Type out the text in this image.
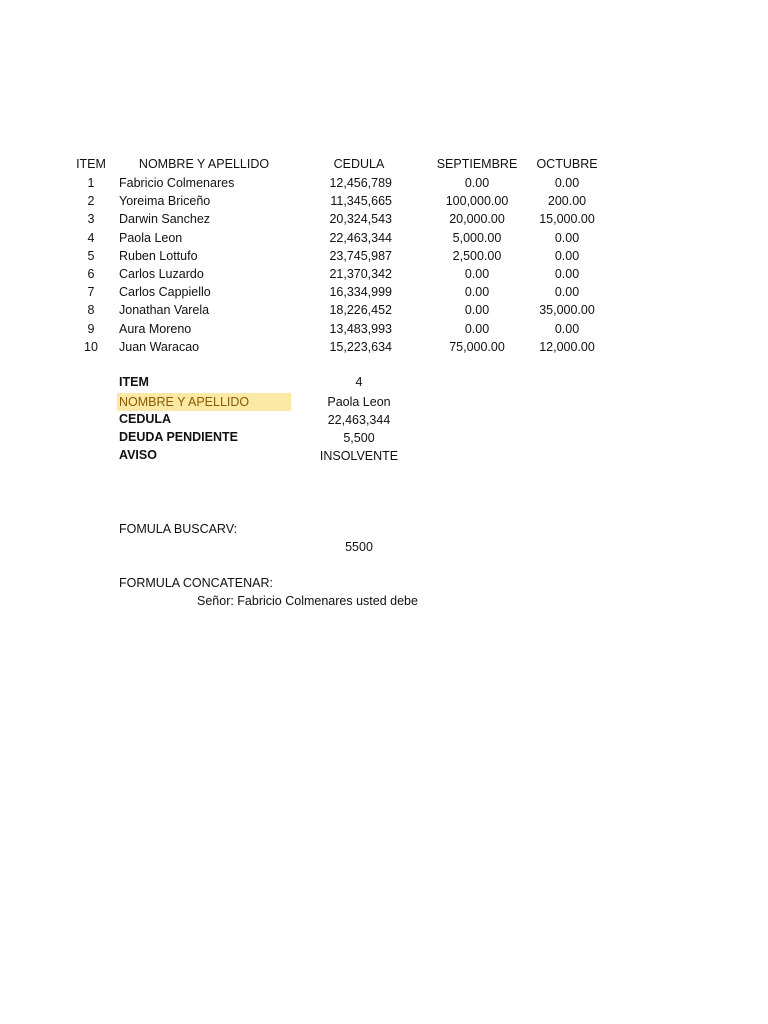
ITEM	NOMBRE Y APELLIDO	CEDULA	SEPTIEMBRE	OCTUBRE
1	Fabricio Colmenares	12,456,789	0.00	0.00
2	Yoreima Briceño	11,345,665	100,000.00	200.00
3	Darwin Sanchez	20,324,543	20,000.00	15,000.00
4	Paola Leon	22,463,344	5,000.00	0.00
5	Ruben Lottufo	23,745,987	2,500.00	0.00
6	Carlos Luzardo	21,370,342	0.00	0.00
7	Carlos Cappiello	16,334,999	0.00	0.00
8	Jonathan Varela	18,226,452	0.00	35,000.00
9	Aura Moreno	13,483,993	0.00	0.00
10	Juan Waracao	15,223,634	75,000.00	12,000.00
ITEM	4
NOMBRE Y APELLIDO	Paola Leon
CEDULA	22,463,344
DEUDA PENDIENTE	5,500
AVISO	INSOLVENTE
FOMULA BUSCARV:
5500
FORMULA CONCATENAR:
Señor: Fabricio Colmenares usted debe
